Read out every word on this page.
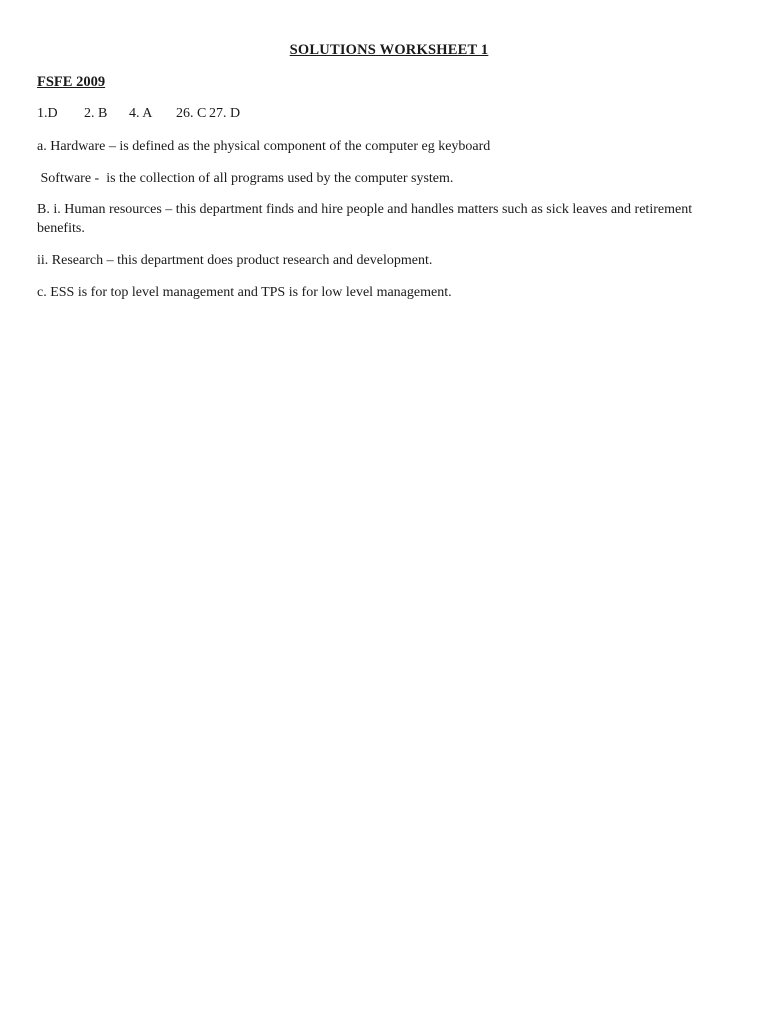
SOLUTIONS WORKSHEET 1

FSFE 2009

1.D	2. B	4. A	26. C 27. D

a. Hardware – is defined as the physical component of the computer eg keyboard

Software -  is the collection of all programs used by the computer system.

B. i. Human resources – this department finds and hire people and handles matters such as sick leaves and retirement benefits.

ii. Research – this department does product research and development.

c. ESS is for top level management and TPS is for low level management.
